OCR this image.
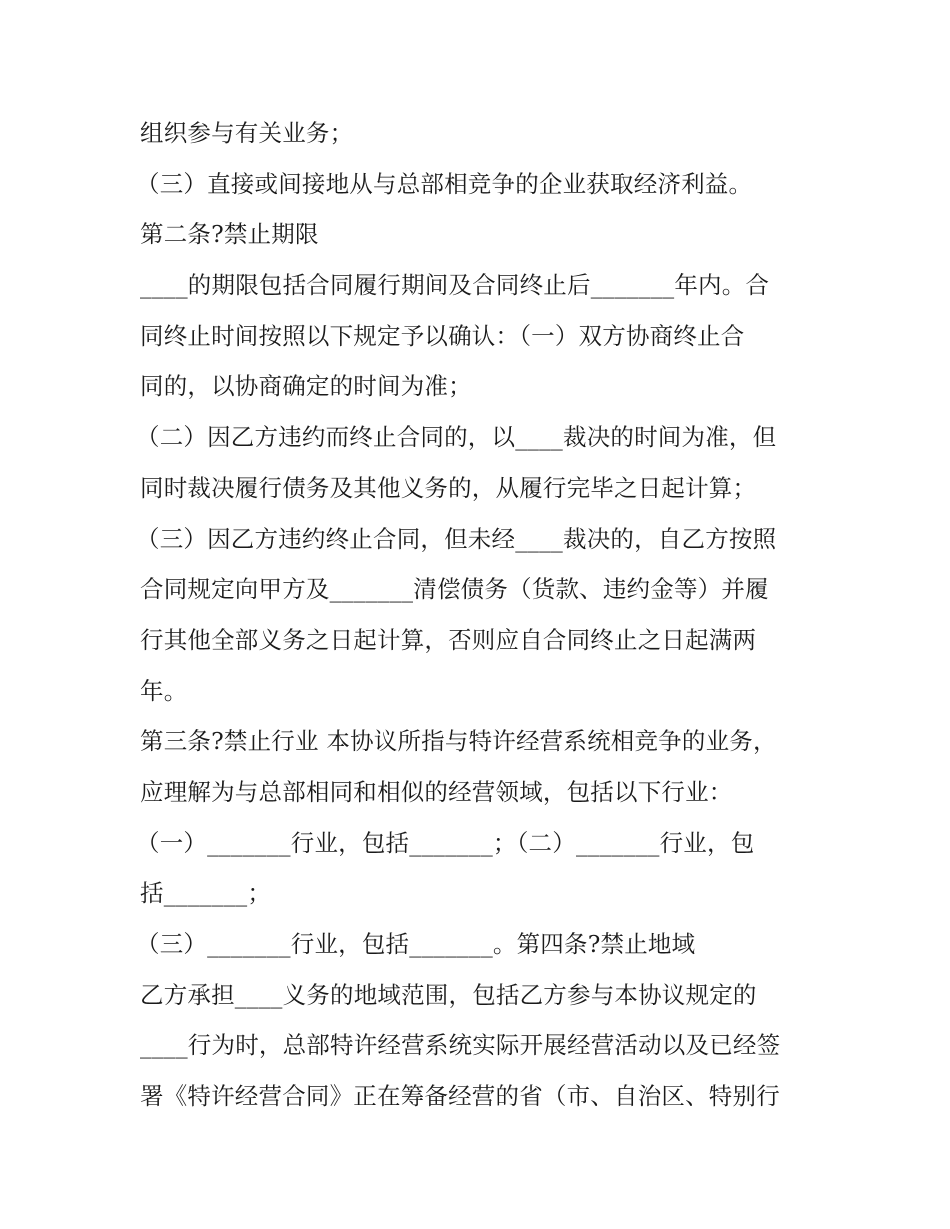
组织参与有关业务；
（三）直接或间接地从与总部相竞争的企业获取经济利益。
第二条?禁止期限
____的期限包括合同履行期间及合同终止后_______年内。合
同终止时间按照以下规定予以确认：（一）双方协商终止合
同的，以协商确定的时间为准；
（二）因乙方违约而终止合同的，以____裁决的时间为准，但
同时裁决履行债务及其他义务的，从履行完毕之日起计算；
（三）因乙方违约终止合同，但未经____裁决的，自乙方按照
合同规定向甲方及_______清偿债务（货款、违约金等）并履
行其他全部义务之日起计算，否则应自合同终止之日起满两
年。
第三条?禁止行业 本协议所指与特许经营系统相竞争的业务，
应理解为与总部相同和相似的经营领域，包括以下行业：
（一）_______行业，包括_______；（二）_______行业，包
括_______；
（三）_______行业，包括_______。第四条?禁止地域
乙方承担____义务的地域范围，包括乙方参与本协议规定的
____行为时，总部特许经营系统实际开展经营活动以及已经签
署《特许经营合同》正在筹备经营的省（市、自治区、特别行
